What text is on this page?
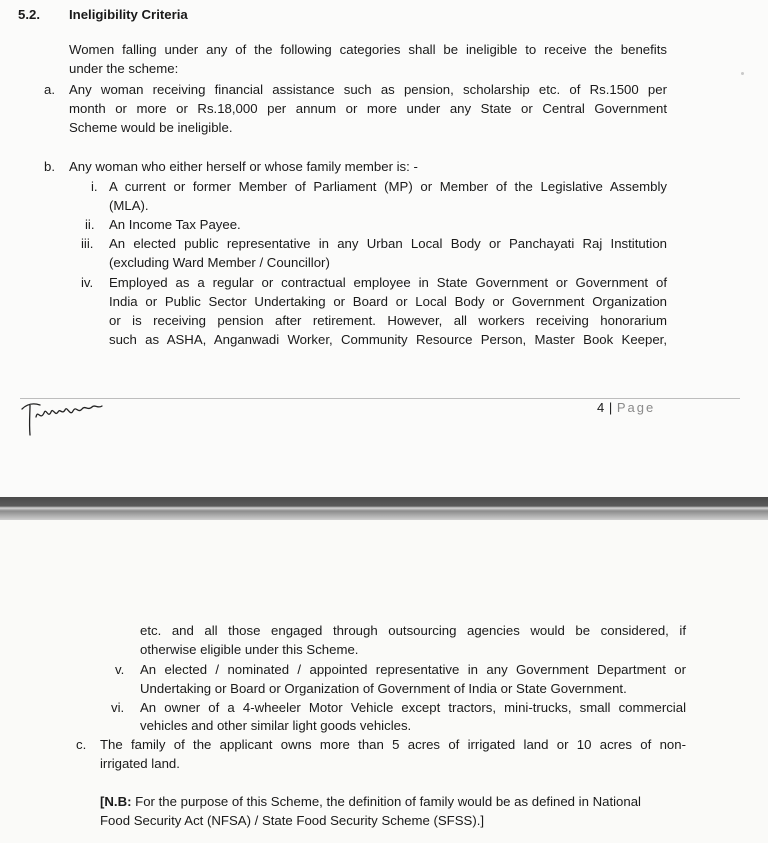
5.2. Ineligibility Criteria
Women falling under any of the following categories shall be ineligible to receive the benefits
under the scheme:
a. Any woman receiving financial assistance such as pension, scholarship etc. of Rs.1500 per
month or more or Rs.18,000 per annum or more under any State or Central Government
Scheme would be ineligible.
b. Any woman who either herself or whose family member is: -
i. A current or former Member of Parliament (MP) or Member of the Legislative Assembly
(MLA).
ii. An Income Tax Payee.
iii. An elected public representative in any Urban Local Body or Panchayati Raj Institution
(excluding Ward Member / Councillor)
iv. Employed as a regular or contractual employee in State Government or Government of
India or Public Sector Undertaking or Board or Local Body or Government Organization
or is receiving pension after retirement. However, all workers receiving honorarium
such as ASHA, Anganwadi Worker, Community Resource Person, Master Book Keeper,
4 | Page
etc. and all those engaged through outsourcing agencies would be considered, if
otherwise eligible under this Scheme.
v. An elected / nominated / appointed representative in any Government Department or
Undertaking or Board or Organization of Government of India or State Government.
vi. An owner of a 4-wheeler Motor Vehicle except tractors, mini-trucks, small commercial
vehicles and other similar light goods vehicles.
c. The family of the applicant owns more than 5 acres of irrigated land or 10 acres of non-
irrigated land.
[N.B: For the purpose of this Scheme, the definition of family would be as defined in National
Food Security Act (NFSA) / State Food Security Scheme (SFSS).]
